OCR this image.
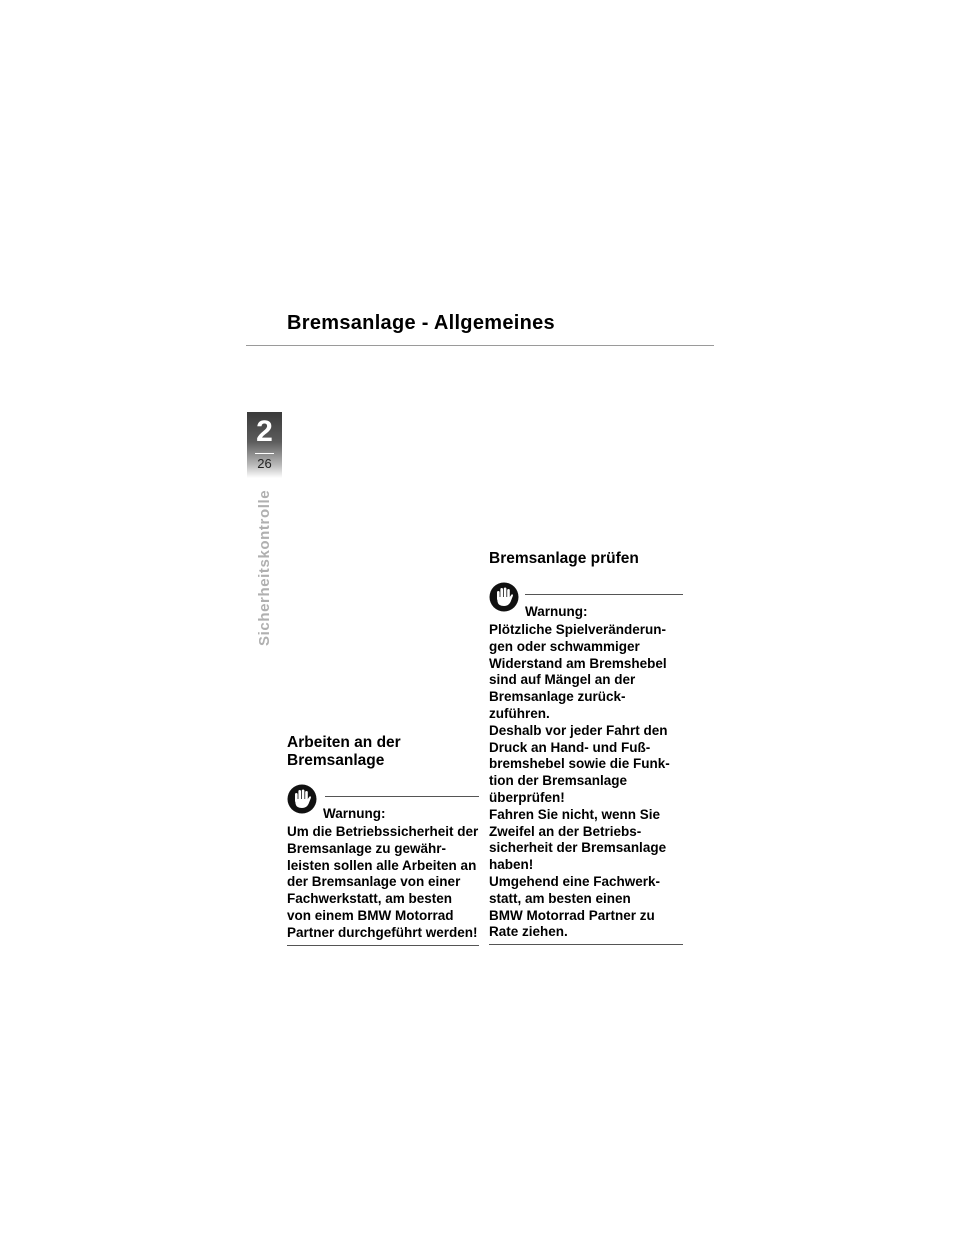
Bremsanlage - Allgemeines
2
26
Sicherheitskontrolle
Arbeiten an der
Bremsanlage
Warnung:

Um die Betriebssicherheit der
Bremsanlage zu gewähr-
leisten sollen alle Arbeiten an
der Bremsanlage von einer
Fachwerkstatt, am besten
von einem BMW Motorrad
Partner durchgeführt werden!

Bremsanlage prüfen
Warnung:

Plötzliche Spielveränderun-
gen oder schwammiger
Widerstand am Bremshebel
sind auf Mängel an der
Bremsanlage zurück-
zuführen.
Deshalb vor jeder Fahrt den
Druck an Hand- und Fuß-
bremshebel sowie die Funk-
tion der Bremsanlage
überprüfen!
Fahren Sie nicht, wenn Sie
Zweifel an der Betriebs-
sicherheit der Bremsanlage
haben!
Umgehend eine Fachwerk-
statt, am besten einen
BMW Motorrad Partner zu
Rate ziehen.
